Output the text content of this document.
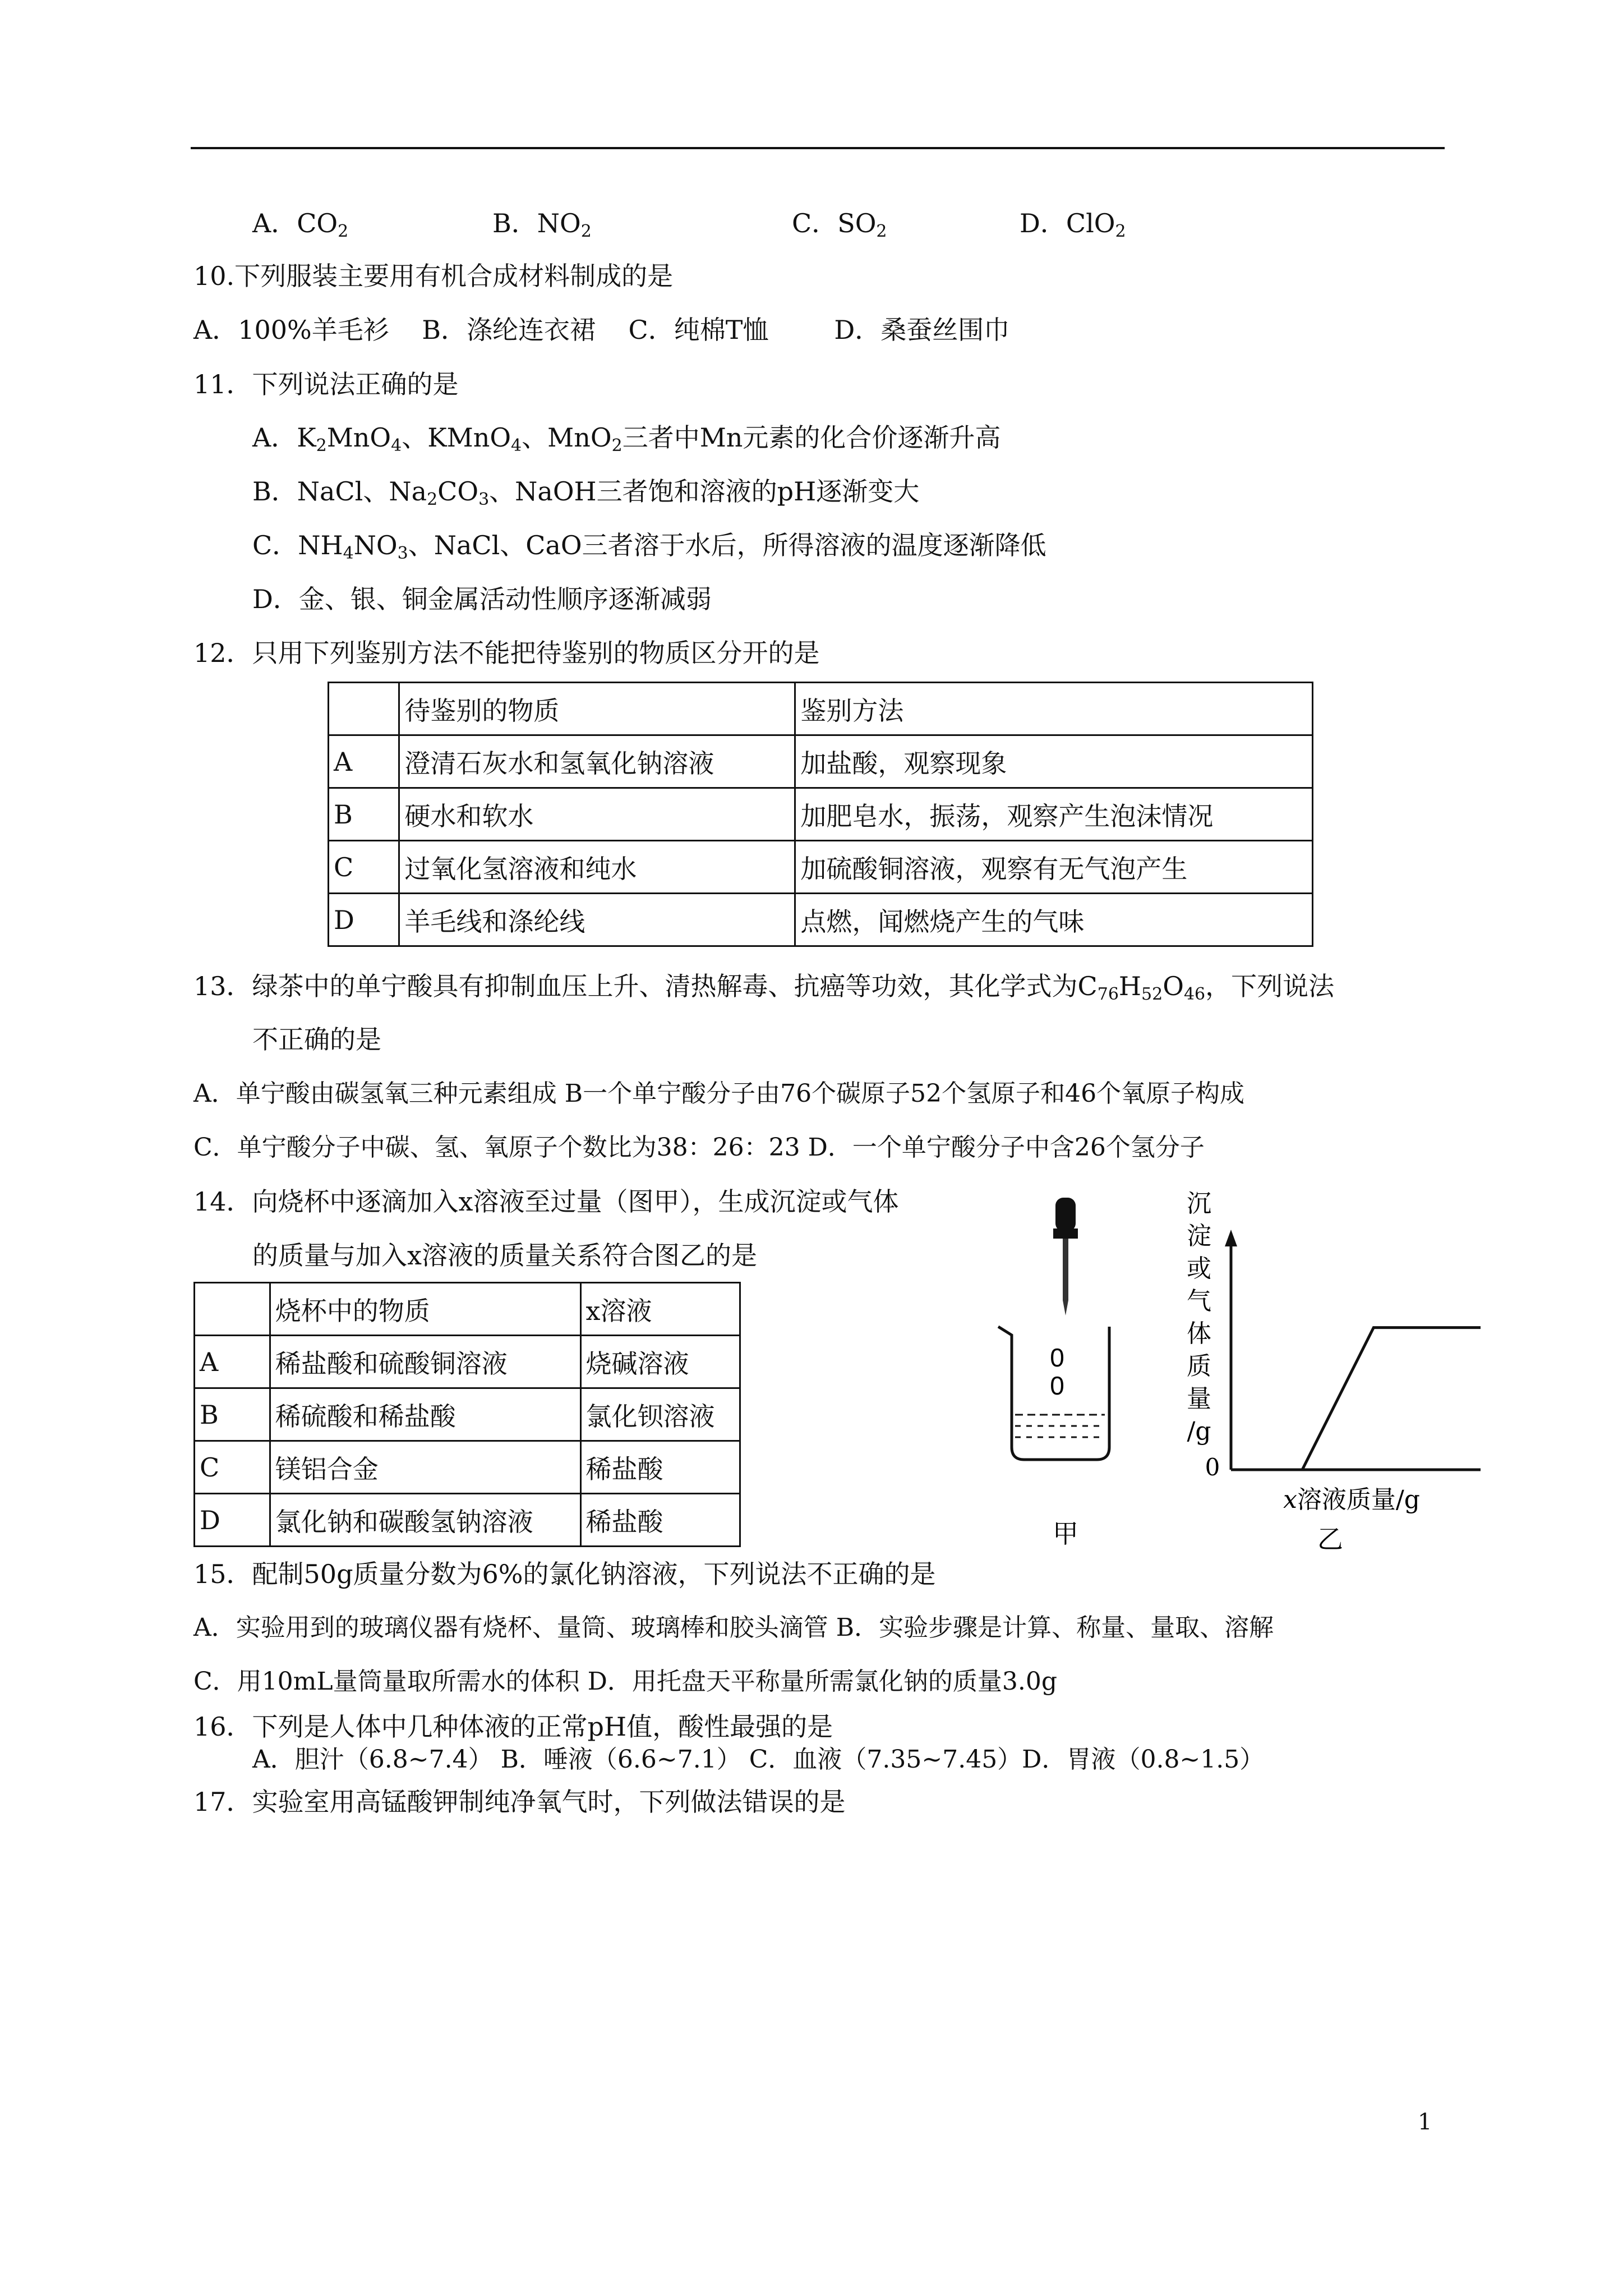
A．$CO_2$	B．$NO_2$	C．$SO_2$	D．ClO$_2$
10.下列服装主要用有机合成材料制成的是
A．100%羊毛衫    B．涤纶连衣裙    C．纯棉T恤        D．桑蚕丝围巾
11．下列说法正确的是
A．$K_2MnO_4$、KMnO$_4$、MnO$_2$三者中Mn元素的化合价逐渐升高
B．NaCl、$Na_2CO_3$、NaOH三者饱和溶液的pH逐渐变大
C．$NH_4NO_3$、NaCl、CaO三者溶于水后，所得溶液的温度逐渐降低
D．金、银、铜金属活动性顺序逐渐减弱
12．只用下列鉴别方法不能把待鉴别的物质区分开的是
	待鉴别的物质	鉴别方法
A	澄清石灰水和氢氧化钠溶液	加盐酸，观察现象
B	硬水和软水	加肥皂水，振荡，观察产生泡沫情况
C	过氧化氢溶液和纯水	加硫酸铜溶液，观察有无气泡产生
D	羊毛线和涤纶线	点燃，闻燃烧产生的气味
13．绿茶中的单宁酸具有抑制血压上升、清热解毒、抗癌等功效，其化学式为$C_{76}H_{52}O_{46}$，下列说法
不正确的是
A．单宁酸由碳氢氧三种元素组成 B一个单宁酸分子由76个碳原子52个氢原子和46个氧原子构成
C．单宁酸分子中碳、氢、氧原子个数比为38：26：23 D．一个单宁酸分子中含26个氢分子
14．向烧杯中逐滴加入x溶液至过量（图甲），生成沉淀或气体
的质量与加入x溶液的质量关系符合图乙的是
	烧杯中的物质	x溶液
A	稀盐酸和硫酸铜溶液	烧碱溶液
B	稀硫酸和稀盐酸	氯化钡溶液
C	镁铝合金	稀盐酸
D	氯化钠和碳酸氢钠溶液	稀盐酸
0
0
甲
沉
淀
或
气
体
质
量
/g
0
x溶液质量/g
乙
15．配制50g质量分数为6%的氯化钠溶液，下列说法不正确的是
A．实验用到的玻璃仪器有烧杯、量筒、玻璃棒和胶头滴管 B．实验步骤是计算、称量、量取、溶解
C．用10mL量筒量取所需水的体积 D．用托盘天平称量所需氯化钠的质量3.0g
16．下列是人体中几种体液的正常pH值，酸性最强的是
A．胆汁（6.8~7.4） B．唾液（6.6~7.1） C．血液（7.35~7.45）D．胃液（0.8~1.5）
17．实验室用高锰酸钾制纯净氧气时，下列做法错误的是
1
